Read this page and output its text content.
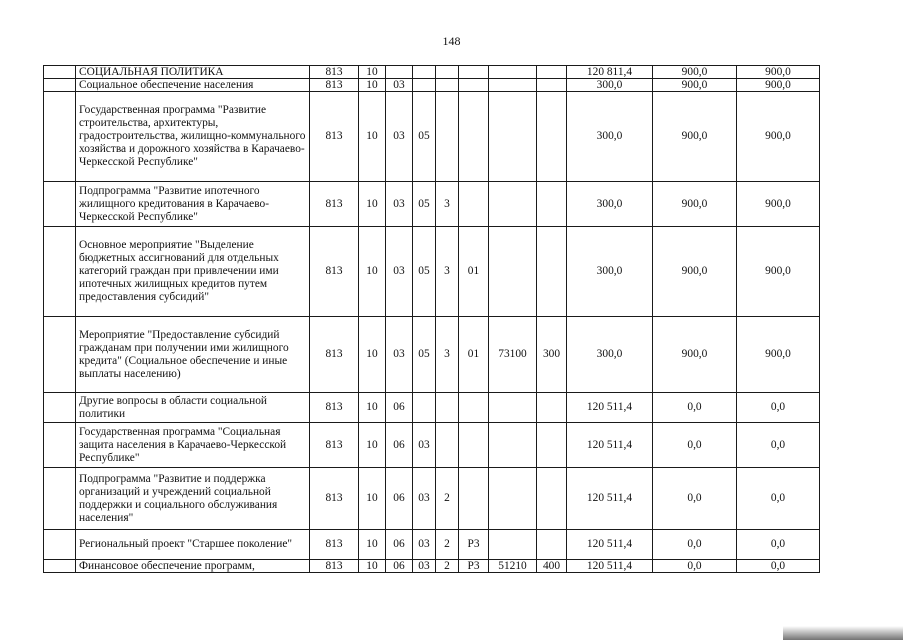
148
	СОЦИАЛЬНАЯ ПОЛИТИКА	813	10							120 811,4	900,0	900,0
	Социальное обеспечение населения	813	10	03						300,0	900,0	900,0
	Государственная программа "Развитие строительства, архитектуры, градостроительства, жилищно-коммунального хозяйства и дорожного хозяйства в Карачаево-Черкесской Республике"	813	10	03	05					300,0	900,0	900,0
	Подпрограмма "Развитие ипотечного жилищного кредитования в Карачаево-Черкесской Республике"	813	10	03	05	3				300,0	900,0	900,0
	Основное мероприятие "Выделение бюджетных ассигнований для отдельных категорий граждан при привлечении ими ипотечных жилищных кредитов путем предоставления субсидий"	813	10	03	05	3	01			300,0	900,0	900,0
	Мероприятие "Предоставление субсидий гражданам при получении ими жилищного кредита" (Социальное обеспечение и иные выплаты населению)	813	10	03	05	3	01	73100	300	300,0	900,0	900,0
	Другие вопросы в области социальной политики	813	10	06						120 511,4	0,0	0,0
	Государственная программа "Социальная защита населения в Карачаево-Черкесской Республике"	813	10	06	03					120 511,4	0,0	0,0
	Подпрограмма "Развитие и поддержка организаций и учреждений социальной поддержки и социального обслуживания населения"	813	10	06	03	2				120 511,4	0,0	0,0
	Региональный проект "Старшее поколение"	813	10	06	03	2	P3			120 511,4	0,0	0,0
	Финансовое обеспечение программ,	813	10	06	03	2	P3	51210	400	120 511,4	0,0	0,0
